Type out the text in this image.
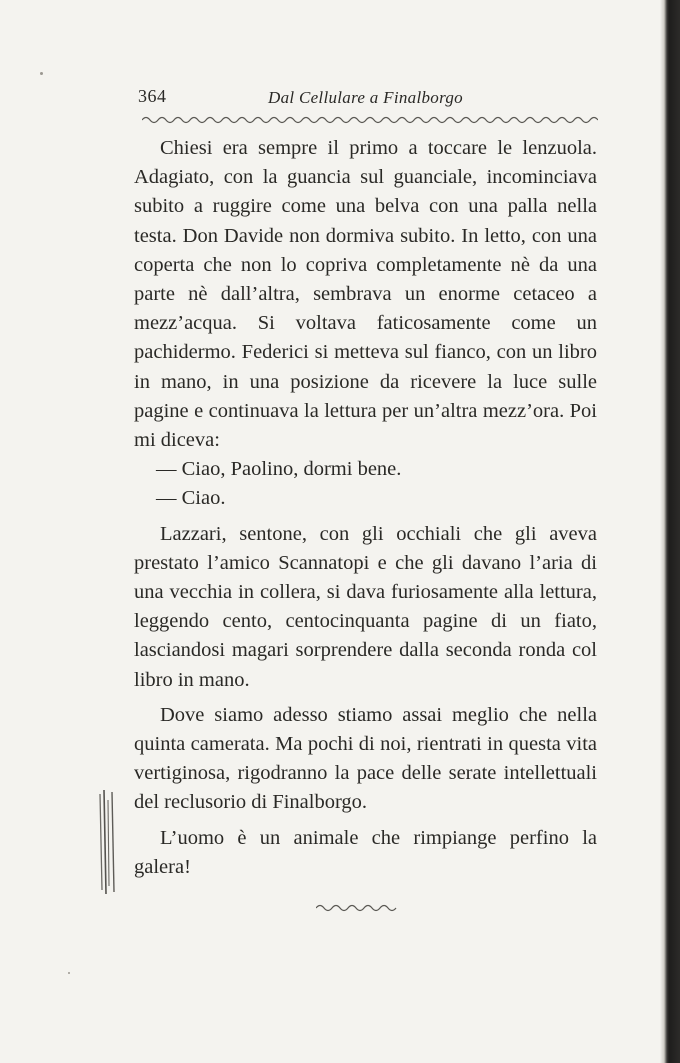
364	Dal Cellulare a Finalborgo

Chiesi era sempre il primo a toccare le lenzuola. Adagiato, con la guancia sul guanciale, incominciava subito a ruggire come una belva con una palla nella testa. Don Davide non dormiva subito. In letto, con una coperta che non lo copriva completamente nè da una parte nè dall’altra, sembrava un enorme cetaceo a mezz’acqua. Si voltava faticosamente come un pachidermo. Federici si metteva sul fianco, con un libro in mano, in una posizione da ricevere la luce sulle pagine e continuava la lettura per un’altra mezz’ora. Poi mi diceva:

— Ciao, Paolino, dormi bene.

— Ciao.

Lazzari, sentone, con gli occhiali che gli aveva prestato l’amico Scannatopi e che gli davano l’aria di una vecchia in collera, si dava furiosamente alla lettura, leggendo cento, centocinquanta pagine di un fiato, lasciandosi magari sorprendere dalla seconda ronda col libro in mano.

Dove siamo adesso stiamo assai meglio che nella quinta camerata. Ma pochi di noi, rientrati in questa vita vertiginosa, rigodranno la pace delle serate intellettuali del reclusorio di Finalborgo.

L’uomo è un animale che rimpiange perfino la galera!
